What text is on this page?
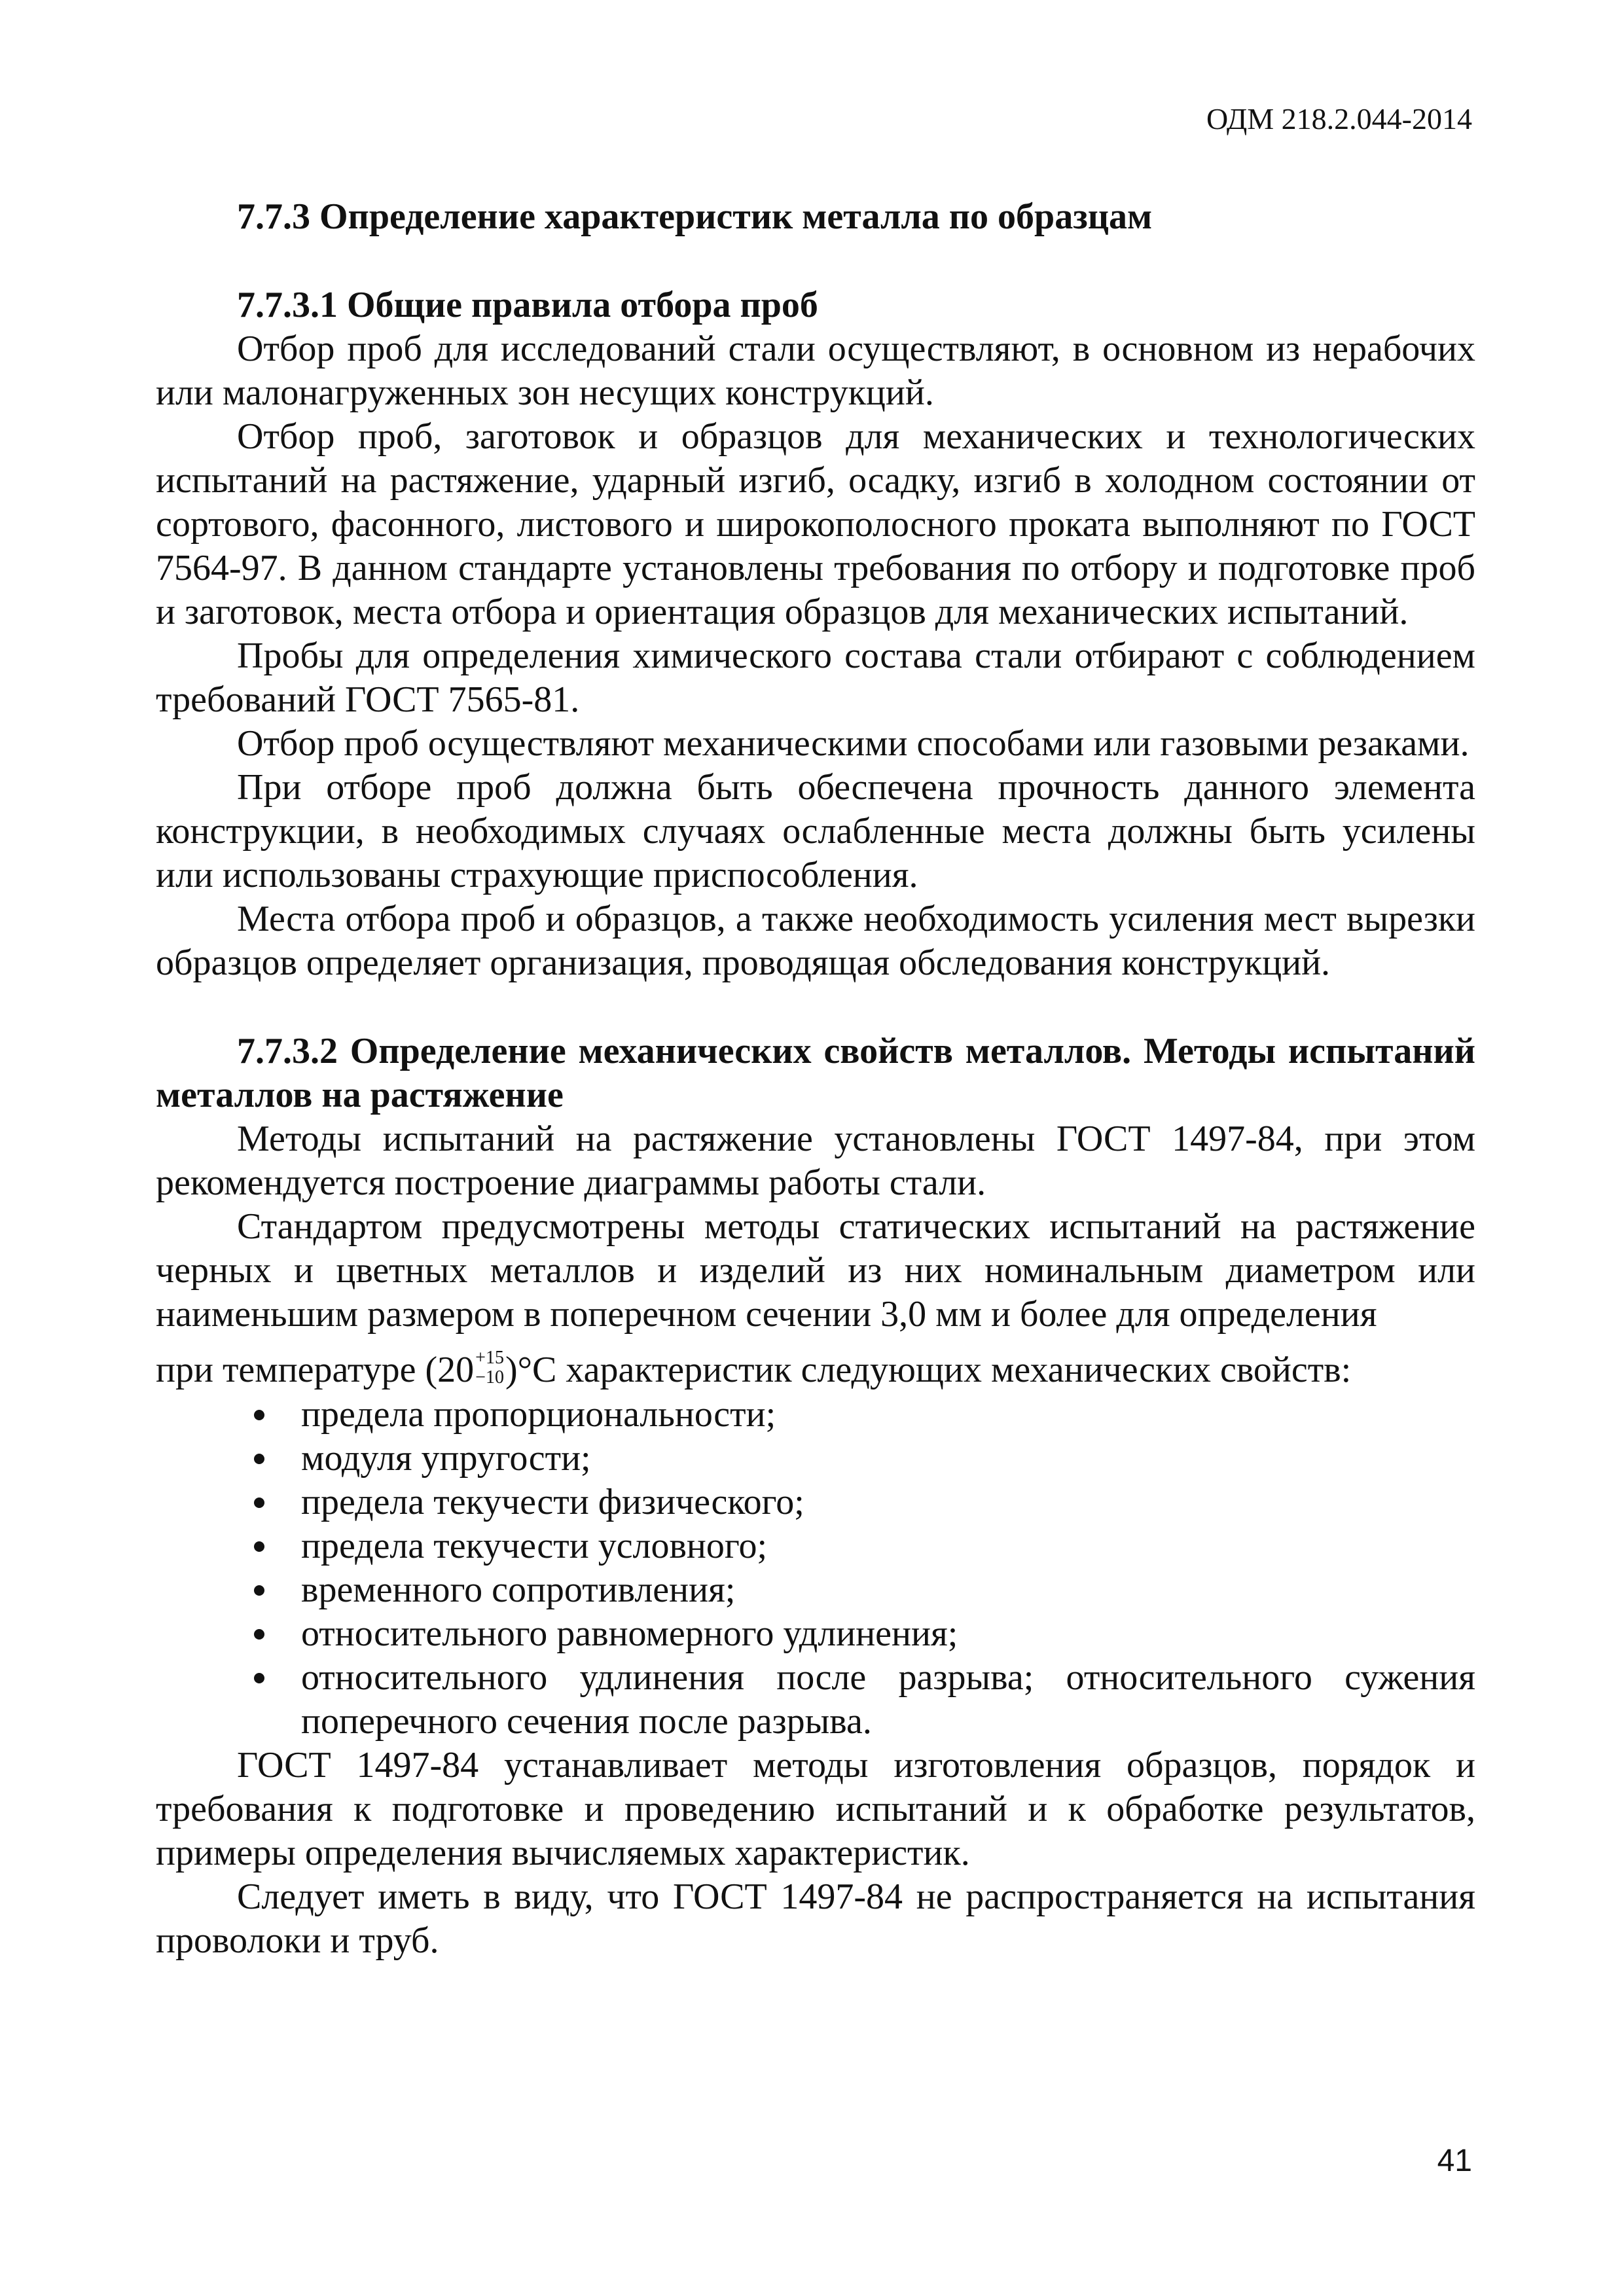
ОДМ 218.2.044-2014
7.7.3 Определение характеристик металла по образцам
7.7.3.1 Общие правила отбора проб

Отбор проб для исследований стали осуществляют, в основном из нерабочих или малонагруженных зон несущих конструкций.

Отбор проб, заготовок и образцов для механических и технологических испытаний на растяжение, ударный изгиб, осадку, изгиб в холодном состоянии от сортового, фасонного, листового и широкополосного проката выполняют по ГОСТ 7564-97. В данном стандарте установлены требования по отбору и подготовке проб и заготовок, места отбора и ориентация образцов для механических испытаний.

Пробы для определения химического состава стали отбирают с соблюдением требований ГОСТ 7565-81.

Отбор проб осуществляют механическими способами или газовыми резаками.

При отборе проб должна быть обеспечена прочность данного элемента конструкции, в необходимых случаях ослабленные места должны быть усилены или использованы страхующие приспособления.

Места отбора проб и образцов, а также необходимость усиления мест вырезки образцов определяет организация, проводящая обследования конструкций.

7.7.3.2 Определение механических свойств металлов. Методы испытаний металлов на растяжение

Методы испытаний на растяжение установлены ГОСТ 1497-84, при этом рекомендуется построение диаграммы работы стали.

Стандартом предусмотрены методы статических испытаний на растяжение черных и цветных металлов и изделий из них номинальным диаметром или наименьшим размером в поперечном сечении 3,0 мм и более для определения

при температуре (20 +15
−10 )°С характеристик следующих механических свойств:
предела пропорциональности;
модуля упругости;
предела текучести физического;
предела текучести условного;
временного сопротивления;
относительного равномерного удлинения;
относительного удлинения после разрыва; относительного сужения поперечного сечения после разрыва.

ГОСТ 1497-84 устанавливает методы изготовления образцов, порядок и требования к подготовке и проведению испытаний и к обработке результатов, примеры определения вычисляемых характеристик.

Следует иметь в виду, что ГОСТ 1497-84 не распространяется на испытания проволоки и труб.

41
